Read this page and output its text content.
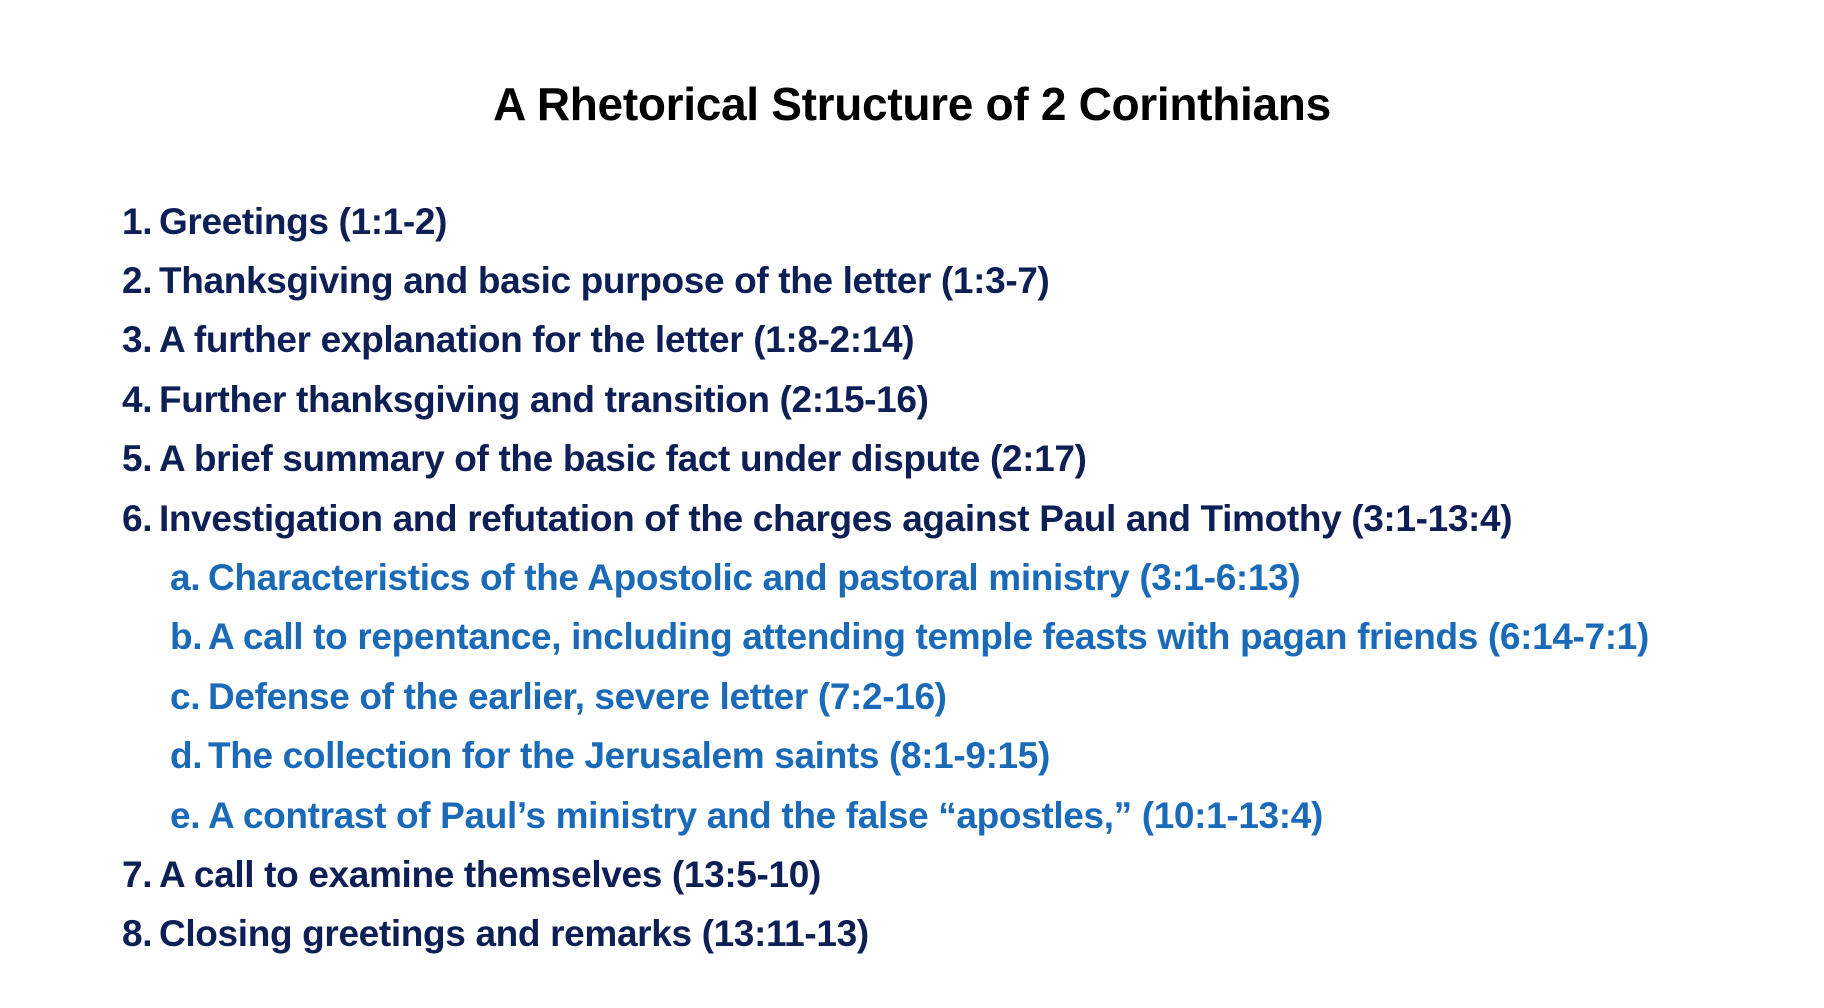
A Rhetorical Structure of 2 Corinthians
1. Greetings (1:1-2)
2. Thanksgiving and basic purpose of the letter (1:3-7)
3. A further explanation for the letter (1:8-2:14)
4. Further thanksgiving and transition (2:15-16)
5. A brief summary of the basic fact under dispute (2:17)
6. Investigation and refutation of the charges against Paul and Timothy (3:1-13:4)
a. Characteristics of the Apostolic and pastoral ministry (3:1-6:13)
b. A call to repentance, including attending temple feasts with pagan friends (6:14-7:1)
c. Defense of the earlier, severe letter (7:2-16)
d. The collection for the Jerusalem saints (8:1-9:15)
e. A contrast of Paul’s ministry and the false “apostles,” (10:1-13:4)
7. A call to examine themselves (13:5-10)
8. Closing greetings and remarks (13:11-13)
